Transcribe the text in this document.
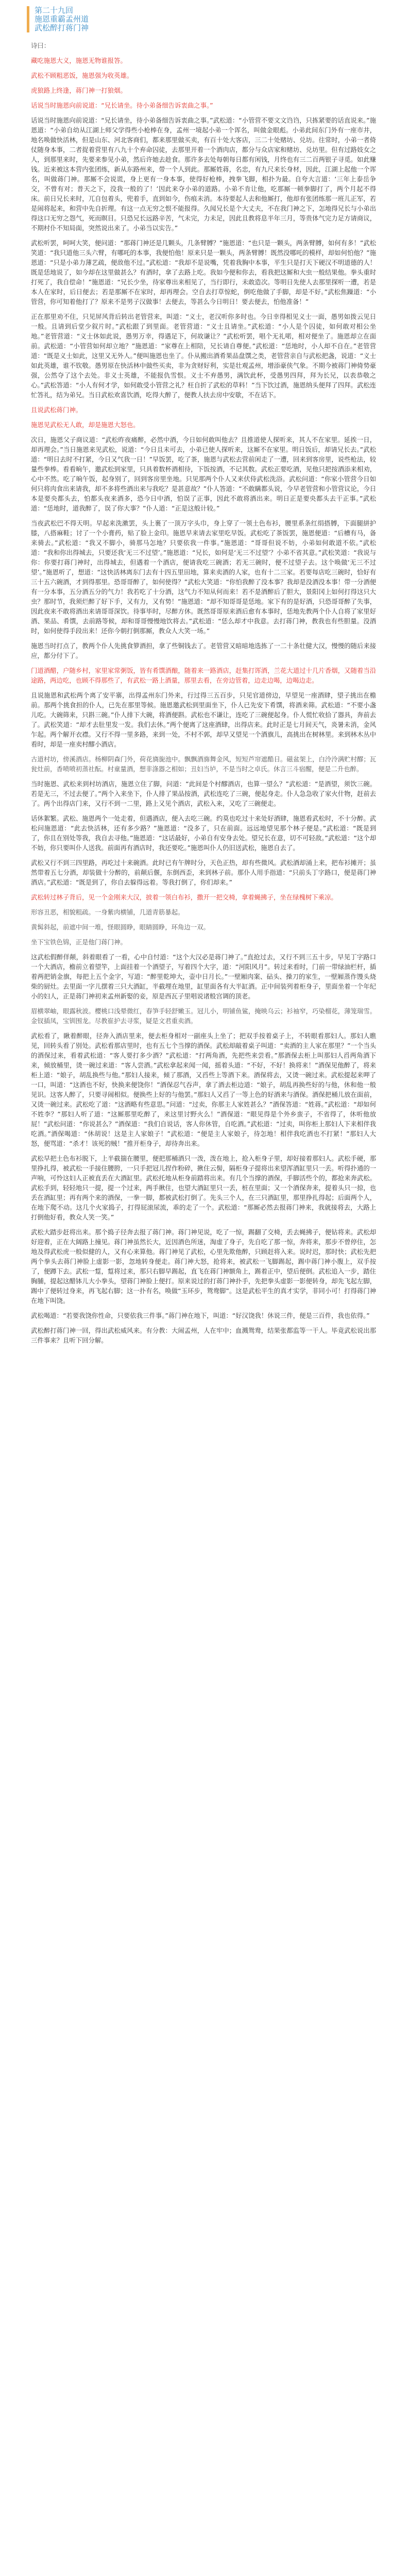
第二十九回
施恩重霸孟州道
武松醉打蒋门神

诗曰：

藏吃施恩大义，施恩无物谁报答。

武松不顾粗恶饭，施恩强为收英雄。

虎狼路上终逢，蒋门神一打狼烟。

话说当时施恩向前说道：“兄长请坐。待小弟备细告诉衷曲之事。”

话说当时施恩向前说道：“兄长请坐，待小弟备细告诉衷曲之事。”武松道：“小管营不要文文诌诌，只拣紧要的话直说来。”施恩道：“小弟自幼从江湖上师父学得些小枪棒在身，孟州一境起小弟一个诨名，叫做金眼彪。小弟此间东门外有一座市井，地名唤做快活林，但是山东、河北客商们，都来那里做买卖，有百十处大客店，三二十处赌坊、兑坊。往常时，小弟一者倚仗随身本事，二者捉着营里有八九十个弃命囚徒，去那里开着一个酒肉店，都分与众店家和赌坊、兑坊里。但有过路妓女之人，到那里来时，先要来参见小弟，然后许她去趁食。那许多去处每朝每日都有闲钱，月终也有三二百两银子寻觅。如此赚钱。近来被这本营内张团练，新从东路州来，带一个人到此。那厮姓蒋，名忠，有九尺来长身材，因此，江湖上起他一个诨名，叫做蒋门神。那厮不会说谎，身上更有一身本事，使得好枪棒，拽拳飞脚，相扑为最。自夸大言道：‘三年上泰岳争交，不曾有对；普天之下，没我一般的了！’因此来夺小弟的道路。小弟不肯让他，吃那厮一顿拳脚打了，两个月起不得床。前日兄长来时，兀自包着头，兜着手，直到如今，伤痕未消。本待要起人去和他厮打，他却有张团练那一班儿正军，若是闹将起来，和营中先自折理。有这一点无穷之恨不能报得。久闻兄长是个大丈夫，不在我门神之下，怎地得兄长与小弟出得这口无穷之怨气，死而瞑目。只恐兄长远路辛苦，气未完，力未足，因此且教将息半年三月，等贵体气完力足方请商议，不期村仆不知局面，突然说出来了。小弟当以实告。”

武松听罢，呵呵大笑，便问道：“那蒋门神还是几颗头，几条臂膊？”施恩道：“也只是一颗头，两条臂膊，如何有多！”武松笑道：“我只道他三头六臂，有哪吒的本事，我便怕他！原来只是一颗头，两条臂膊！既然没哪吒的模样，却如何怕他？”施恩道：“只是小弟力薄艺疏，便敌他不过。”武松道：“我却不是说嘴，凭着我胸中本事，平生只是打天下硬汉不明道德的人！既是恁地说了，如今却在这里做甚么？有酒时，拿了去路上吃。我如今便和你去，看我把这厮和大虫一般结果他。拳头重时打死了，我自偿命！”施恩道：“兄长少坐，待家尊出来相见了，当行即行，未敢造次。等明日先使人去那里探听一遭，若是本人在家时，后日便去；若是那厮不在家时，却再理会。空自去打草惊蛇，倒吃他做了手脚，却是不好。”武松焦躁道：“小管营，你可知着他打了？原来不是男子汉做事！去便去，等甚么今日明日！要去便去，怕他准备！”

正在那里劝不住，只见屏风背后转出老管营来，叫道：“义士，老汉听你多时也。今日幸得相见义士一面，愚男如拨云见日一般。且请到后堂少叙片时。”武松跟了到里面。老管营道：“义士且请坐。”武松道：“小人是个囚徒，如何敢对相公坐地。”老管营道：“义士休如此说，愚男万幸，得遇足下，何故谦让？”武松听罢，唱个无礼喏，相对便坐了。施恩却立在面前。武松道：“小管营如何却立地？”施恩道：“家尊在上相陪，兄长请自尊便。”武松道：“恁地时，小人却不自在。”老管营道：“既是义士如此，这里又无外人。”便叫施恩也坐了。仆从搬出酒肴果品盘馔之类，老管营亲自与武松把盏，说道：“义士如此英雄，谁不钦敬。愚男原在快活林中做些买卖，非为贪财好利，实是壮观孟州，增添豪侠气象。不期今被蒋门神倚势豪强，公然夺了这个去处。非义士英雄，不能报仇雪恨。义士不弃愚男，满饮此杯，受愚男四拜，拜为长兄，以表恭敬之心。”武松答道：“小人有何才学，如何敢受小管营之礼？枉自折了武松的草料！”当下饮过酒，施恩纳头便拜了四拜。武松连忙答礼，结为弟兄。当日武松欢喜饮酒，吃得大醉了，便教人扶去房中安歇，不在话下。

且说武松蒋门神。

施恩见武松无人敢，却是施恩大怒也。

次日，施恩父子商议道：“武松昨夜痛醉，必然中酒，今日如何敢叫他去？且推道使人探听来，其人不在家里。延挨一日，却再理会。”当日施恩来见武松，说道：“今日且未可去，小弟已使人探听来，这厮不在家里。明日饭后，却请兄长去。”武松道：“明日去时不打紧，今日又气我一日！”早饭罢，吃了茶，施恩与武松去营前闲走了一遭，回来到客房里，说些枪法，较量些拳棒。看看晌午，邀武松到家里，只具着数杯酒相待，下饭按酒，不记其数。武松正要吃酒，见他只把按酒添来相劝，心中不然。吃了晌午饭，起身别了，回到客房里坐地。只见那两个仆人又来伏侍武松洗浴。武松问道：“你家小管营今日如何只将肉食出来请我，却不多将些酒出来与我吃？是甚意故？”仆人答道：“不敢瞒都头说，今早老管营和小管营议论，今日本是要央都头去，怕都头夜来酒多，恐今日中酒，怕误了正事，因此不敢将酒出来。明日正是要央都头去干正事。”武松道：“恁地时，道我醉了，误了你大事？”仆人道：“正是这般计较。”

当夜武松巴不得天明。早起来洗漱罢，头上裹了一顶万字头巾，身上穿了一领土色布衫，腰里系条红绢搭膊，下面腿絣护膝，八搭麻鞋；讨了一个小膏药，贴了脸上金印。施恩早来请去家里吃早饭。武松吃了茶饭罢，施恩便道：“后槽有马，备来骑去。”武松道：“我又不脚小，骑那马怎地？只要依我一件事。”施恩道：“哥哥但说不妨，小弟如何敢道不依。”武松道：“我和你出得城去，只要还我‘无三不过望’。”施恩道：“兄长，如何是‘无三不过望’？小弟不省其意。”武松笑道：“我说与你：你要打蒋门神时，出得城去，但遇着一个酒店，便请我吃三碗酒；若无三碗时，便不过望子去。这个唤做‘无三不过望’。”施恩听了，想道：“这快活林离东门去有十四五里田地，算来卖酒的人家，也有十二三家。若要每店吃三碗时，恰好有三十五六碗酒，才到得那里。恐哥哥醉了，如何使得？”武松大笑道：“你怕我醉了没本事？我却是没酒没本事！带一分酒便有一分本事，五分酒五分的气力！我若吃了十分酒，这气力不知从何而来！若不是酒醉后了胆大，景阳冈上如何打得这只大虫？那时节，我须烂醉了好下手，又有力，又有势！”施恩道：“却不知哥哥是恁地。家下有的是好酒，只恐哥哥醉了失事，因此夜来不敢将酒出来请哥哥深饮。待事毕时，尽醉方休。既然哥哥原来酒后愈有本事时，恁地先教两个仆人自将了家里好酒、果品、肴馔，去前路等候，却和哥哥慢慢地饮将去。”武松道：“恁么却才中我意。去打蒋门神，教我也有些胆量。没酒时，如何使得手段出来！还你今朝打倒那厮，教众人大笑一场。”

施恩当时打点了，教两个仆人先挑食箩酒担，拿了些铜钱去了。老管营又暗暗地选拣了一二十条壮健大汉，慢慢的随后来接应，都分付下了。

门道酒醋，户随乡村，家里家常粥饭，皆有肴馔酒酿，随着来一路酒店，赶集打诨酒，兰花大道过十几片香烟，又随着当沿途路，两边吃，也顾不得那些了，有武松一路上酒量，那里去看，在旁边管着，边走边喝，边喝边走。

且说施恩和武松两个离了安平寨，出得孟州东门外来，行过得三五百步，只见官道傍边，早望见一座酒肆，望子挑出在檐前。那两个挑食担的仆人，已先在那里等候。施恩邀武松到里面坐下，仆人已先安下肴馔，将酒来筛。武松道：“不要小盏儿吃。大碗筛来，只斟三碗。”仆人排下大碗，将酒便斟。武松也不谦让，连吃了三碗便起身。仆人慌忙收拾了器具，奔前去了。武松笑道：“却才去肚里发一发。我们去休。”两个便离了这座酒肆，出得店来。此时正是七月间天气，炎暑未消，金风乍起。两个解开衣襟。又行不得一里多路，来到一处，不村不郭，却早又望见一个酒旗儿，高挑出在树林里。来到林木丛中看时，却是一座卖村醪小酒店。

古道村坊，傍溪酒店。杨柳阴森门外，荷花旖旎池中。飘飘酒旆舞金风，短短芦帘遮酷日。磁盆架上，白泠泠满贮村醪；瓦瓮灶前，香喷喷初蒸社酝。村童量酒，想非涤器之相如；丑妇当垆，不是当时之卓氏。休言三斗宿醒，便是二升也醉。

当时施恩、武松来到村坊酒店，施恩立住了脚，问道：“此间是个村醪酒店，也算一望么？”武松道：“是酒望，须饮三碗。若是无三，不过去便了。”两个入来坐下，仆人排了果品按酒，武松连吃了三碗，便起身走。仆人急急收了家火什物，赶前去了。两个出得店门来，又行不到一二里，路上又见个酒店，武松入来，又吃了三碗便走。

话休絮繁。武松、施恩两个一处走着，但遇酒店，便入去吃三碗。约莫也吃过十来处好酒肆，施恩看武松时，不十分醉。武松问施恩道：“此去快活林，还有多少路？”施恩道：“没多了，只在前面。远远地望见那个林子便是。”武松道：“既是到了，你且在别处等我，我自去寻他。”施恩道：“这话最好，小弟自有安身去处。望兄长在意，切不可轻敌。”武松道：“这个却不妨，你只要叫仆人送我。前面再有酒店时，我还要吃。”施恩叫仆人仍旧送武松，施恩自去了。

武松又行不到三四里路，再吃过十来碗酒。此时已有午牌时分，天色正热，却有些微风。武松酒却涌上来，把布衫摊开；虽然带着五七分酒，却装做十分醉的，前颠后偃，东倒西歪，来到林子前。那仆人用手指道：“只前头丁字路口，便是蒋门神酒店。”武松道：“既是到了，你自去躲得远着。等我打倒了，你们却来。”

武松转过林子背后，见一个金刚来大汉，披着一领白布衫，撒开一把交椅，拿着蝇拂子，坐在绿槐树下乘凉。

形容丑恶，相貌粗疏。一身紫肉横铺，几道青筋暴起。

黄髯斜起，前遮中间一堆，怪眼圆睁，眼睛圆睁，环角边一双。

坐下宝铁色锦，正是他门蒋门神。

这武松假醉佯颠，斜着眼看了一看，心中自忖道：“这个大汉必是蒋门神了。”直抢过去，又行不到三五十步，早见丁字路口一个大酒店，檐前立着望竿，上面挂着一个酒望子，写着四个大字，道：“河阳风月”。转过来看时，门前一带绿油栏杆，插着两把销金旗，每把上五个金字，写道：“醉里乾坤大，壶中日月长。”一壁厢肉案、砧头、操刀的家生，一壁厢蒸作馒头烧柴的厨灶。去里面一字儿摆着三只大酒缸，半截埋在地里，缸里面各有大半缸酒。正中间装列着柜身子，里面坐着一个年纪小的妇人，正是蒋门神初来孟州新娶的妾，原是西瓦子里唱说诸般宫调的顶老。

眉横翠岫，眼露秋波。樱桃口浅晕微红，春笋手轻舒嫩玉。冠儿小，明铺鱼鲨，掩映乌云；衫袖窄，巧染榴花，薄笼瑞雪。金钗插凤，宝钏围龙。尽教崔护去寻浆，疑是文君重卖酒。

武松看了，瞅着醉眼，径奔入酒店里来，便去柜身相对一副座头上坐了；把双手按着桌子上，不转眼看那妇人。那妇人瞧见，回转头看了别处。武松看那店里时，也有五七个当撑的酒保。武松却敲着桌子叫道：“卖酒的主人家在那里？”一个当头的酒保过来，看着武松道：“客人要打多少酒？”武松道：“打两角酒，先把些来尝看。”那酒保去柜上叫那妇人舀两角酒下来，倾放桶里，烫一碗过来道：“客人尝酒。”武松拿起来闻一闻，摇着头道：“不好，不好！换将来！”酒保见他醉了，将来柜上道：“娘子，胡乱换些与他。”那妇人接来，倾了那酒，又舀些上等酒下来。酒保将去，又烫一碗过来。武松提起来呷了一口，叫道：“这酒也不好，快换来便饶你！”酒保忍气吞声，拿了酒去柜边道：“娘子，胡乱再换些好的与他，休和他一般见识。这客人醉了，只要寻闹相似。便换些上好的与他罢。”那妇人又舀了一等上色的好酒来与酒保。酒保把桶儿放在面前，又烫一碗过来。武松吃了道：“这酒略有些意思。”问道：“过卖，你那主人家姓甚么？”酒保答道：“姓蒋。”武松道：“却如何不姓李？”那妇人听了道：“这厮那里吃醉了，来这里讨野火么！”酒保道：“眼见得是个外乡蛮子，不省得了，休听他放屁！”武松问道：“你说甚么？”酒保道：“我们自说话，客人你休管，自吃酒。”武松道：“过卖，叫你柜上那妇人下来相伴我吃酒。”酒保喝道：“休胡说！这是主人家娘子！”武松道：“便是主人家娘子，待怎地！相伴我吃酒也不打紧！”那妇人大怒，便骂道：“杀才！该死的贼！”推开柜身子，却待奔出来。

武松早把土色布衫脱下，上半截揣在腰里，便把那桶酒只一泼，泼在地上，抢入柜身子里，却好接着那妇人。武松手硬，那里挣扎得，被武松一手接住腰胯，一只手把冠儿捏作粉碎，揪住云髻，隔柜身子提将出来望浑酒缸里只一丢。听得扑通的一声响，可怜这妇人正被直丢在大酒缸里。武松托地从柜身前踏将出来。有几个当撑的酒保，手脚活些个的，都抢来奔武松。武松手到，轻轻地只一提，提一个过来，两手揪住，也望大酒缸里只一丢，桩在里面；又一个酒保奔来，提着头只一掠，也丢在酒缸里；再有两个来的酒保，一拳一脚，都被武松打倒了。先头三个人，在三只酒缸里，那里挣扎得起；后面两个人，在地下爬不动。这几个火家捣子，打得屁滚尿流，乖的走了一个。武松道：“那厮必然去报蒋门神来，我就接将去，大路上打倒他好看，教众人笑一笑。”

武松大踏步赶将出来。那个捣子径奔去报了蒋门神。蒋门神见说，吃了一惊，踢翻了交椅，丢去蝇拂子，便钻将来。武松却好迎着，正在大阔路上撞见。蒋门神虽然长大，近因酒色所迷，淘虚了身子，先自吃了那一惊，奔将来，那步不曾停住，怎地及得武松虎一般似健的人，又有心来算他。蒋门神见了武松，心里先欺他醉，只顾赶将入来。说时迟，那时快；武松先把两个拳头去蒋门神脸上虚影一影，忽地转身便走。蒋门神大怒，抢将来，被武松一飞脚踢起，踢中蒋门神小腹上，双手按了，便蹲下去。武松一踅，踅将过来，那只右脚早踢起，直飞在蒋门神额角上，踢着正中，望后便倒。武松追入一步，踏住胸脯，提起这醋钵儿大小拳头，望蒋门神脸上便打。原来说过的打蒋门神扑手，先把拳头虚影一影便转身，却先飞起左脚，踢中了便转过身来，再飞起右脚；这一扑有名，唤做“玉环步，鸳鸯脚”。这是武松平生的真才实学，非同小可！打得蒋门神在地下叫饶。

武松喝道：“若要我饶你性命，只要依我三件事。”蒋门神在地下，叫道：“好汉饶我！休说三件，便是三百件，我也依得。”

武松醉打蒋门神一回，得出武松威风来。有分教：大闹孟州，人在牢中；血溅鸳鸯，结果张都监等一干人。毕竟武松说出那三件事来？且听下回分解。
